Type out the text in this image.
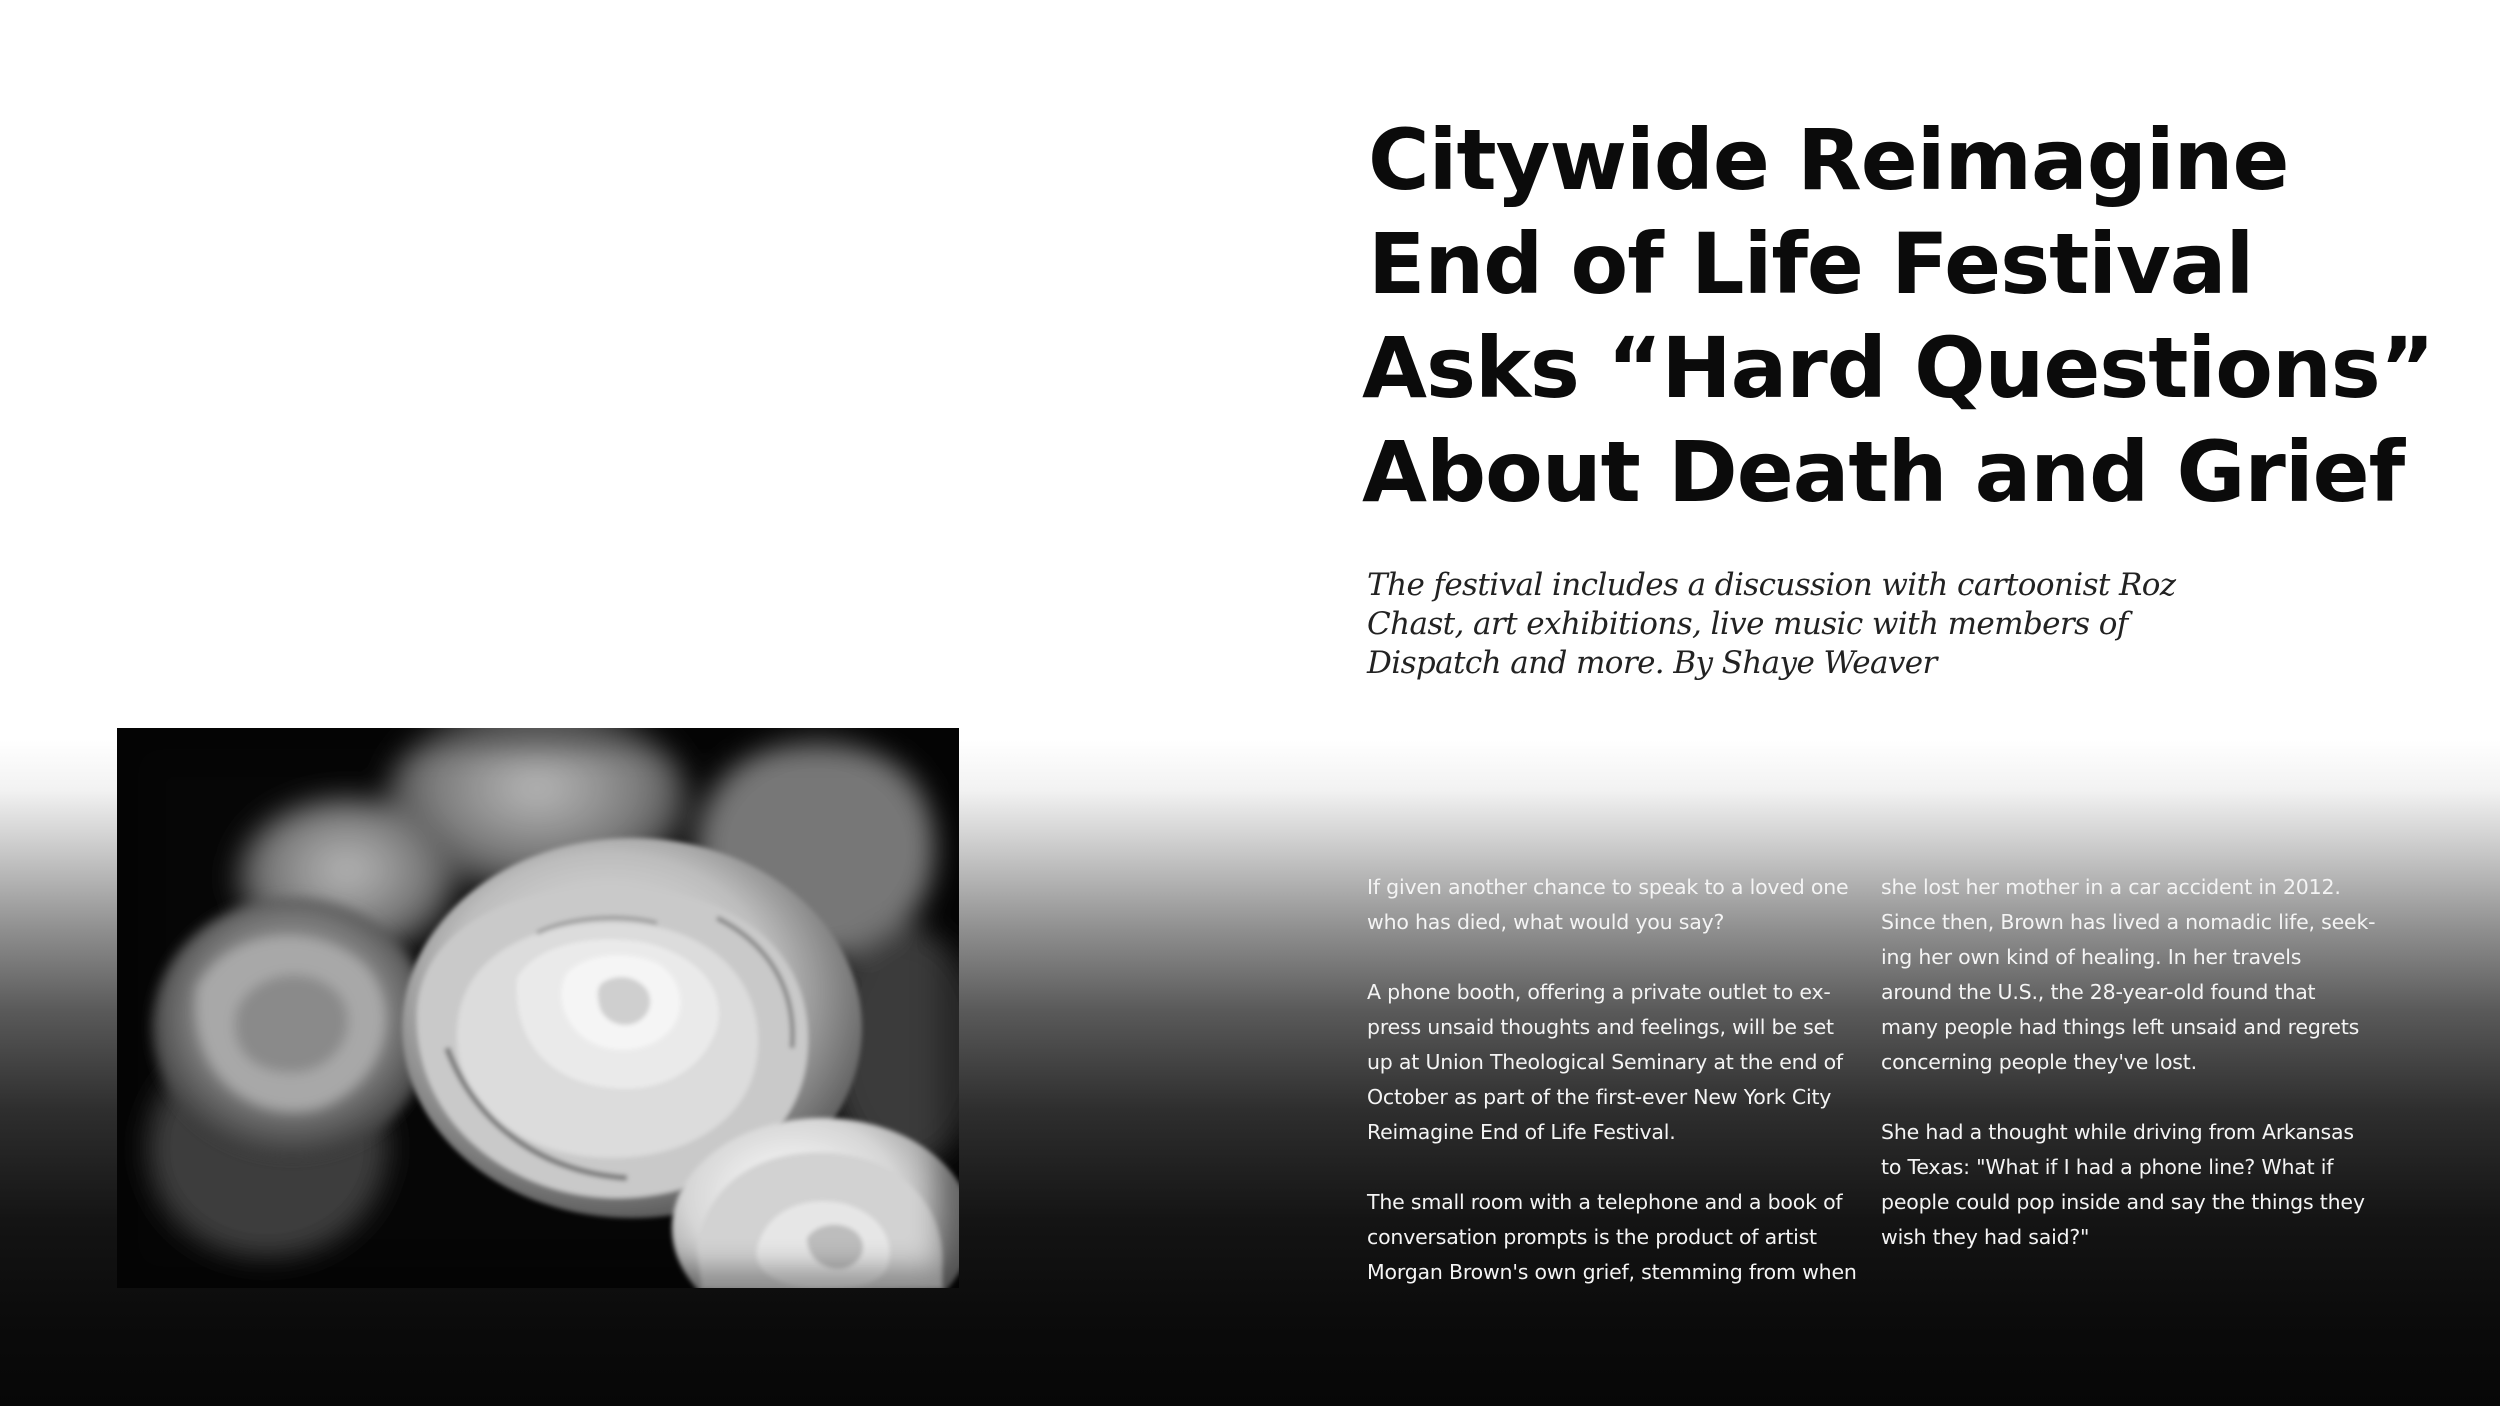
Citywide Reimagine
End of Life Festival
Asks “Hard Questions”
About Death and Grief

The festival includes a discussion with cartoonist Roz Chast, art exhibitions, live music with members of Dispatch and more. By Shaye Weaver

If given another chance to speak to a loved one who has died, what would you say?

A phone booth, offering a private outlet to ex-press unsaid thoughts and feelings, will be set up at Union Theological Seminary at the end of October as part of the first-ever New York City Reimagine End of Life Festival.

The small room with a telephone and a book of conversation prompts is the product of artist Morgan Brown's own grief, stemming from when

she lost her mother in a car accident in 2012. Since then, Brown has lived a nomadic life, seek-ing her own kind of healing. In her travels around the U.S., the 28-year-old found that many people had things left unsaid and regrets concerning people they've lost.

She had a thought while driving from Arkansas to Texas: "What if I had a phone line? What if people could pop inside and say the things they wish they had said?"
